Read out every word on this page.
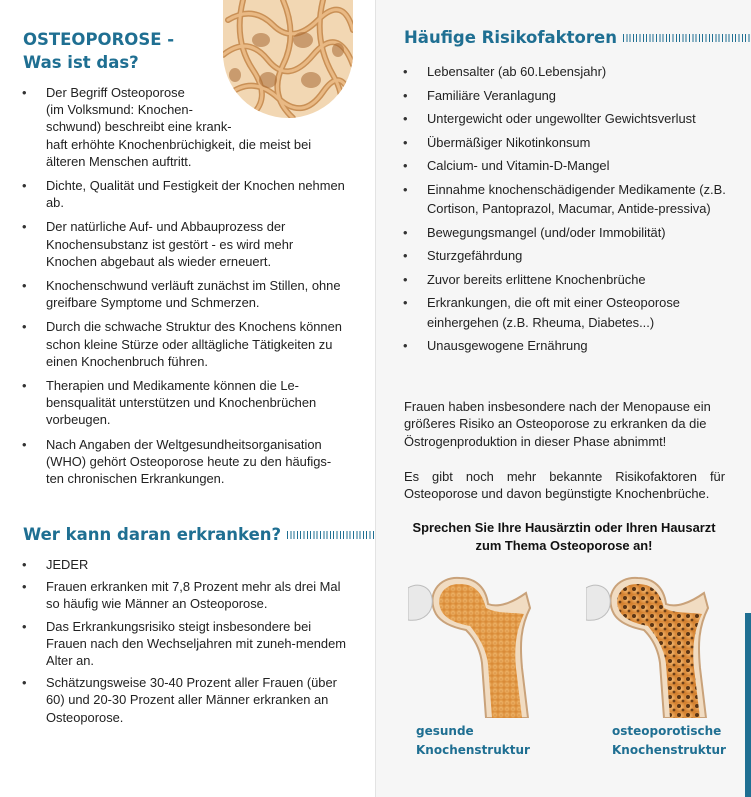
OSTEOPOROSE -
Was ist das?
• Der Begriff Osteoporose
(im Volksmund: Knochen-
schwund) beschreibt eine krank-
haft erhöhte Knochenbrüchigkeit, die meist bei
älteren Menschen auftritt.
• Dichte, Qualität und Festigkeit der Knochen nehmen ab.
• Der natürliche Auf- und Abbauprozess der Knochensubstanz ist gestört - es wird mehr Knochen abgebaut als wieder erneuert.
• Knochenschwund verläuft zunächst im Stillen, ohne greifbare Symptome und Schmerzen.
• Durch die schwache Struktur des Knochens können schon kleine Stürze oder alltägliche Tätigkeiten zu einen Knochenbruch führen.
• Therapien und Medikamente können die Le-bensqualität unterstützen und Knochenbrüchen vorbeugen.
• Nach Angaben der Weltgesundheitsorganisation (WHO) gehört Osteoporose heute zu den häufigs-ten chronischen Erkrankungen.
Wer kann daran erkranken?
• JEDER
• Frauen erkranken mit 7,8 Prozent mehr als drei Mal so häufig wie Männer an Osteoporose.
• Das Erkrankungsrisiko steigt insbesondere bei Frauen nach den Wechseljahren mit zuneh-mendem Alter an.
• Schätzungsweise 30-40 Prozent aller Frauen (über 60) und 20-30 Prozent aller Männer erkranken an Osteoporose.
Häufige Risikofaktoren
• Lebensalter (ab 60.Lebensjahr)
• Familiäre Veranlagung
• Untergewicht oder ungewollter Gewichtsverlust
• Übermäßiger Nikotinkonsum
• Calcium- und Vitamin-D-Mangel
• Einnahme knochenschädigender Medikamente (z.B. Cortison, Pantoprazol, Macumar, Antide-pressiva)
• Bewegungsmangel (und/oder Immobilität)
• Sturzgefährdung
• Zuvor bereits erlittene Knochenbrüche
• Erkrankungen, die oft mit einer Osteoporose einhergehen (z.B. Rheuma, Diabetes...)
• Unausgewogene Ernährung
Frauen haben insbesondere nach der Menopause ein größeres Risiko an Osteoporose zu erkranken da die Östrogenproduktion in dieser Phase abnimmt!
Es gibt noch mehr bekannte Risikofaktoren für Osteoporose und davon begünstigte Knochenbrüche.
Sprechen Sie Ihre Hausärztin oder Ihren Hausarzt
zum Thema Osteoporose an!
gesunde
Knochenstruktur
osteoporotische
Knochenstruktur
